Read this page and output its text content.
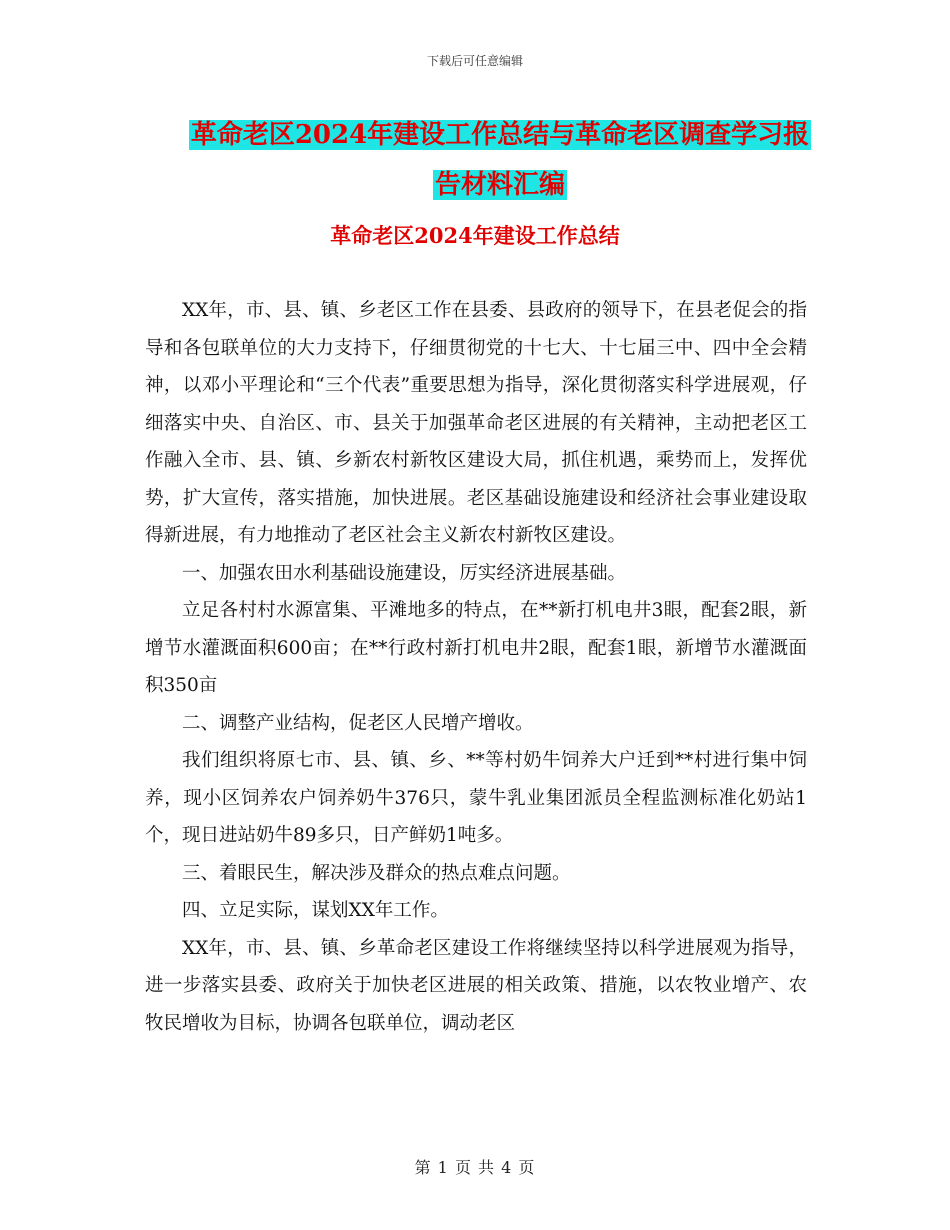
下载后可任意编辑
革命老区2024年建设工作总结与革命老区调查学习报
告材料汇编
革命老区2024年建设工作总结

XX年，市、县、镇、乡老区工作在县委、县政府的领导下，在县老促会的指导和各包联单位的大力支持下，仔细贯彻党的十七大、十七届三中、四中全会精神，以邓小平理论和“三个代表”重要思想为指导，深化贯彻落实科学进展观，仔细落实中央、自治区、市、县关于加强革命老区进展的有关精神，主动把老区工作融入全市、县、镇、乡新农村新牧区建设大局，抓住机遇，乘势而上，发挥优势，扩大宣传，落实措施，加快进展。老区基础设施建设和经济社会事业建设取得新进展，有力地推动了老区社会主义新农村新牧区建设。

一、加强农田水利基础设施建设，厉实经济进展基础。

立足各村村水源富集、平滩地多的特点，在**新打机电井3眼，配套2眼，新增节水灌溉面积600亩；在**行政村新打机电井2眼，配套1眼，新增节水灌溉面积350亩

二、调整产业结构，促老区人民增产增收。

我们组织将原七市、县、镇、乡、**等村奶牛饲养大户迁到**村进行集中饲养，现小区饲养农户饲养奶牛376只，蒙牛乳业集团派员全程监测标准化奶站1个，现日进站奶牛89多只，日产鲜奶1吨多。

三、着眼民生，解决涉及群众的热点难点问题。

四、立足实际，谋划XX年工作。

XX年，市、县、镇、乡革命老区建设工作将继续坚持以科学进展观为指导，进一步落实县委、政府关于加快老区进展的相关政策、措施，以农牧业增产、农牧民增收为目标，协调各包联单位，调动老区

第 1 页 共 4 页
